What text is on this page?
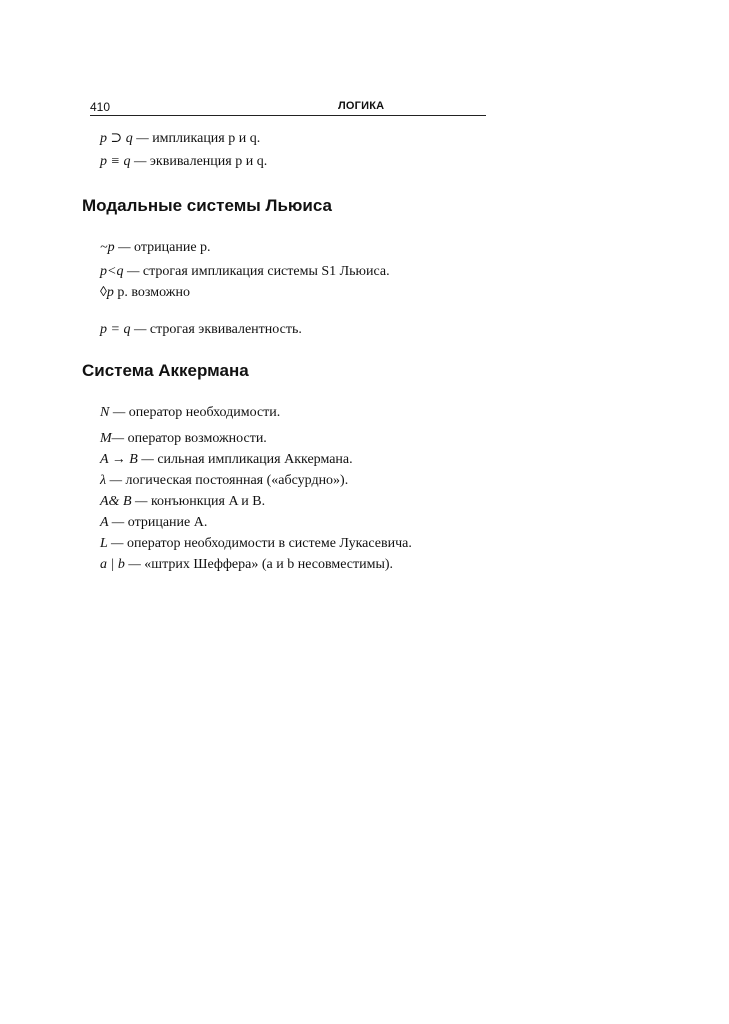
410	ЛОГИКА
p ⊃ q — импликация p и q.
p ≡ q — эквиваленция p и q.
Модальные системы Льюиса
~p — отрицание p.
p<q — строгая импликация системы S1 Льюиса.
◊p p. возможно
p = q — строгая эквивалентность.
Система Аккермана
N — оператор необходимости.
M— оператор возможности.
A → B — сильная импликация Аккермана.
λ — логическая постоянная («абсурдно»).
A& B — конъюнкция A и B.
A — отрицание A.
L — оператор необходимости в системе Лукасевича.
a | b — «штрих Шеффера» (a и b несовместимы).
